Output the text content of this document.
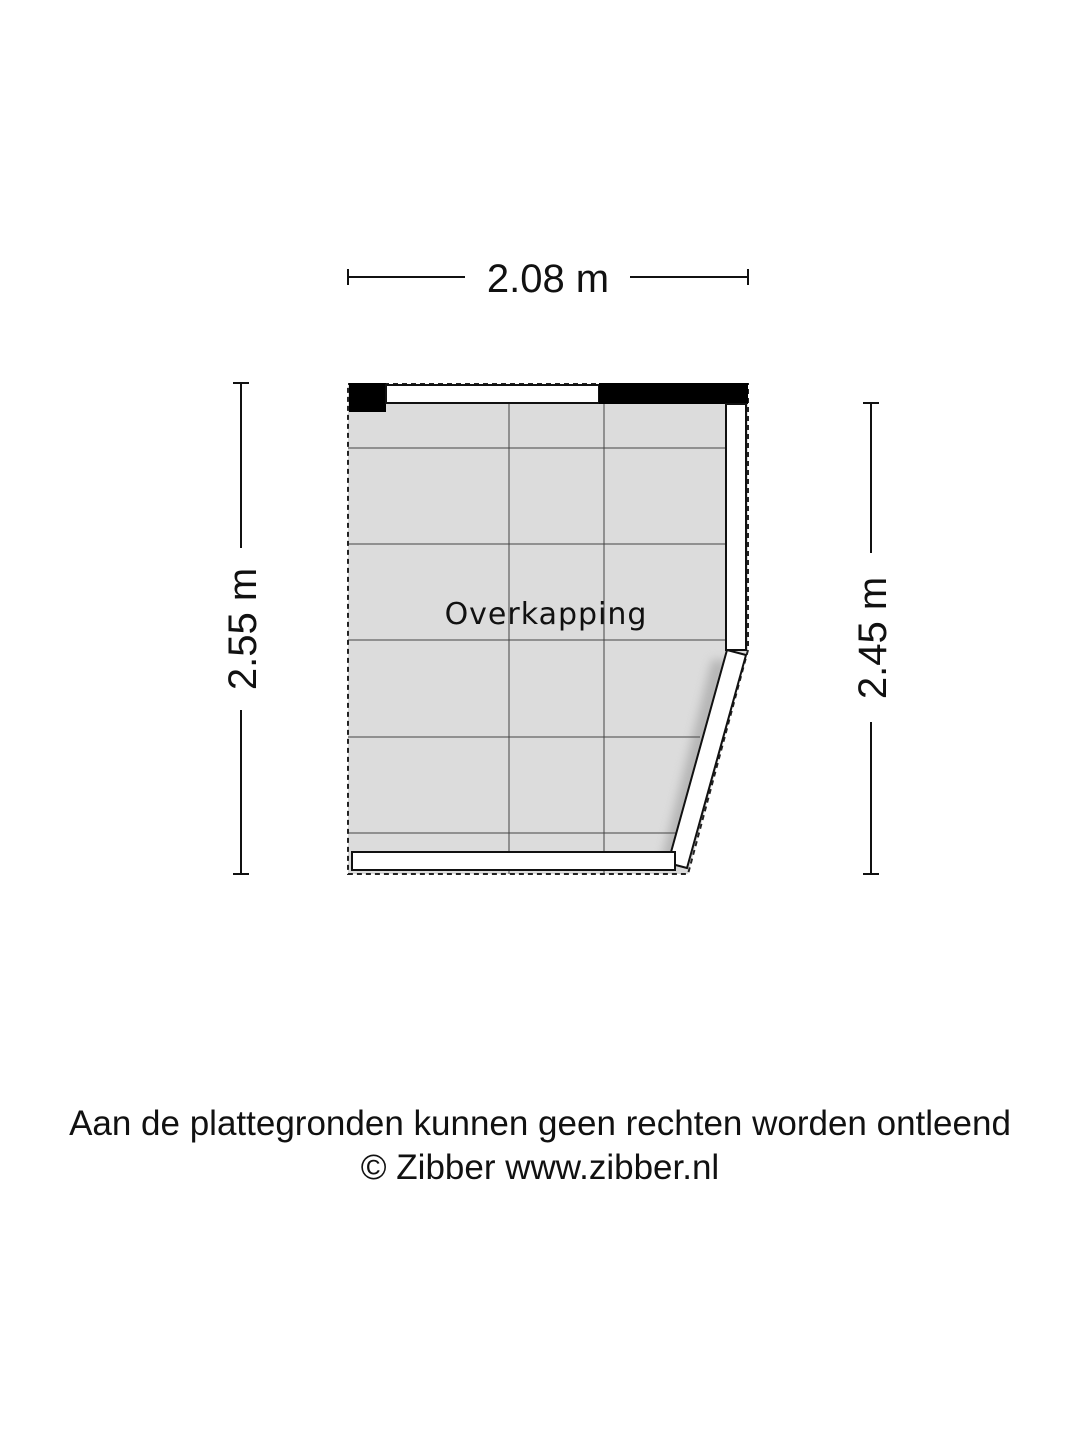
Overkapping
2.08 m
2.55 m	2.45 m
Aan de plattegronden kunnen geen rechten worden ontleend
© Zibber www.zibber.nl
